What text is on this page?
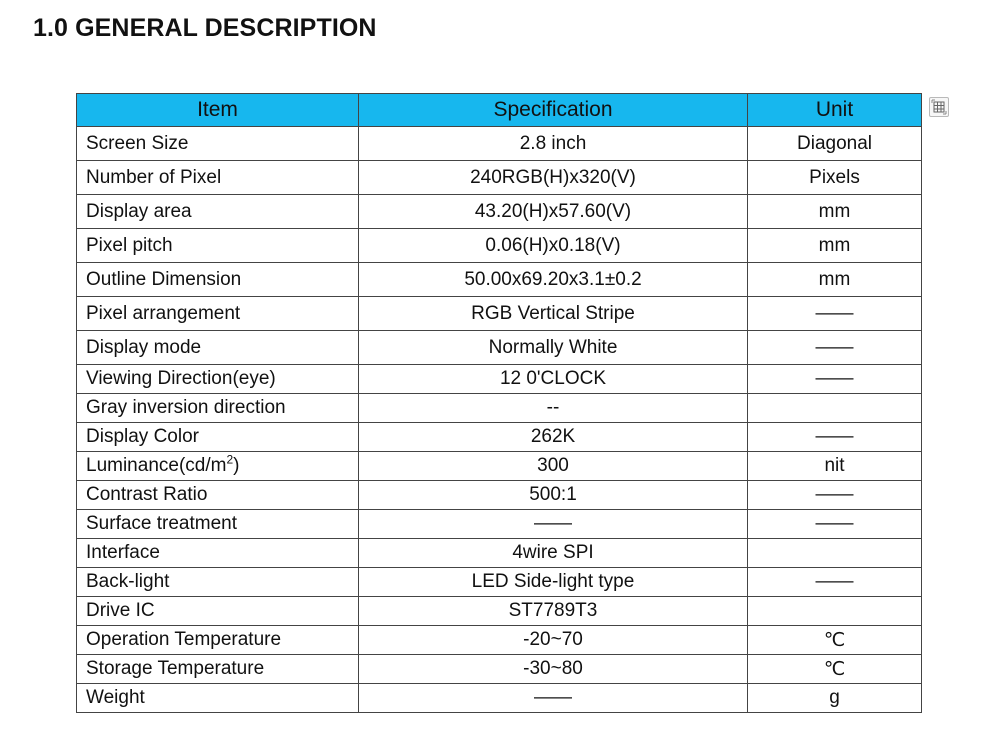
1.0 GENERAL DESCRIPTION
Item	Specification	Unit
Screen Size	2.8 inch	Diagonal
Number of Pixel	240RGB(H)x320(V)	Pixels
Display area	43.20(H)x57.60(V)	mm
Pixel pitch	0.06(H)x0.18(V)	mm
Outline Dimension	50.00x69.20x3.1±0.2	mm
Pixel arrangement	RGB Vertical Stripe	——
Display mode	Normally White	——
Viewing Direction(eye)	12 0'CLOCK	——
Gray inversion direction	--	
Display Color	262K	——
$Luminance(cd/m^2)$	300	nit
Contrast Ratio	500:1	——
Surface treatment	——	——
Interface	4wire SPI	
Back-light	LED Side-light type	——
Drive IC	ST7789T3	
Operation Temperature	-20~70	℃
Storage Temperature	-30~80	℃
Weight	——	g
